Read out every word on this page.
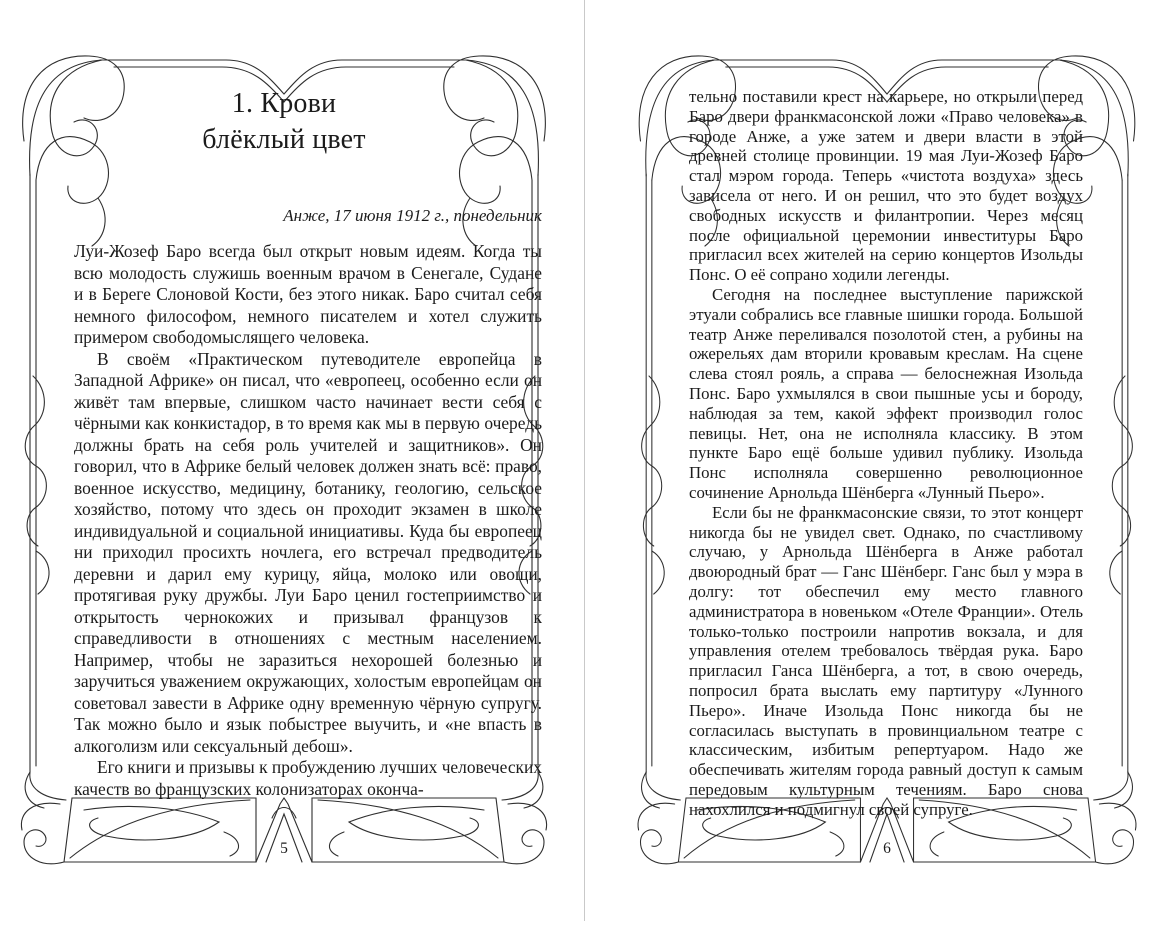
1. Крови
блёклый цвет
Анже, 17 июня 1912 г., понедельник

Луи-Жозеф Баро всегда был открыт новым идеям. Когда ты всю молодость служишь военным врачом в Сенегале, Судане и в Береге Слоновой Кости, без этого никак. Баро считал себя немного философом, немного писателем и хотел служить примером свободомыслящего человека.

В своём «Практическом путеводителе европейца в Западной Африке» он писал, что «европеец, особенно если он живёт там впервые, слишком часто начинает вести себя с чёрными как конкистадор, в то время как мы в первую очередь должны брать на себя роль учителей и защитников». Он говорил, что в Африке белый человек должен знать всё: право, военное искусство, медицину, ботанику, геологию, сельское хозяйство, потому что здесь он проходит экзамен в школе индивидуальной и социальной инициативы. Куда бы европеец ни приходил просихть ночлега, его встречал предводитель деревни и дарил ему курицу, яйца, молоко или овощи, протягивая руку дружбы. Луи Баро ценил гостеприимство и открытость чернокожих и призывал французов к справедливости в отношениях с местным населением. Например, чтобы не заразиться нехорошей болезнью и заручиться уважением окружающих, холостым европейцам он советовал завести в Африке одну временную чёрную супругу. Так можно было и язык побыстрее выучить, и «не впасть в алкоголизм или сексуальный дебош».

Его книги и призывы к пробуждению лучших человеческих качеств во французских колонизаторах оконча-

5

тельно поставили крест на карьере, но открыли перед Баро двери франкмасонской ложи «Право человека» в городе Анже, а уже затем и двери власти в этой древней столице провинции. 19 мая Луи-Жозеф Баро стал мэром города. Теперь «чистота воздуха» здесь зависела от него. И он решил, что это будет воздух свободных искусств и филантропии. Через месяц после официальной церемонии инвеституры Баро пригласил всех жителей на серию концертов Изольды Понс. О её сопрано ходили легенды.

Сегодня на последнее выступление парижской этуали собрались все главные шишки города. Большой театр Анже переливался позолотой стен, а рубины на ожерельях дам вторили кровавым креслам. На сцене слева стоял рояль, а справа — белоснежная Изольда Понс. Баро ухмылялся в свои пышные усы и бороду, наблюдая за тем, какой эффект производил голос певицы. Нет, она не исполняла классику. В этом пункте Баро ещё больше удивил публику. Изольда Понс исполняла совершенно революционное сочинение Арнольда Шёнберга «Лунный Пьеро».

Если бы не франкмасонские связи, то этот концерт никогда бы не увидел свет. Однако, по счастливому случаю, у Арнольда Шёнберга в Анже работал двоюродный брат — Ганс Шёнберг. Ганс был у мэра в долгу: тот обеспечил ему место главного администратора в новеньком «Отеле Франции». Отель только-только построили напротив вокзала, и для управления отелем требовалось твёрдая рука. Баро пригласил Ганса Шёнберга, а тот, в свою очередь, попросил брата выслать ему партитуру «Лунного Пьеро». Иначе Изольда Понс никогда бы не согласилась выступать в провинциальном театре с классическим, избитым репертуаром. Надо же обеспечивать жителям города равный доступ к самым передовым культурным течениям. Баро снова нахохлился и подмигнул своей супруге.

6
